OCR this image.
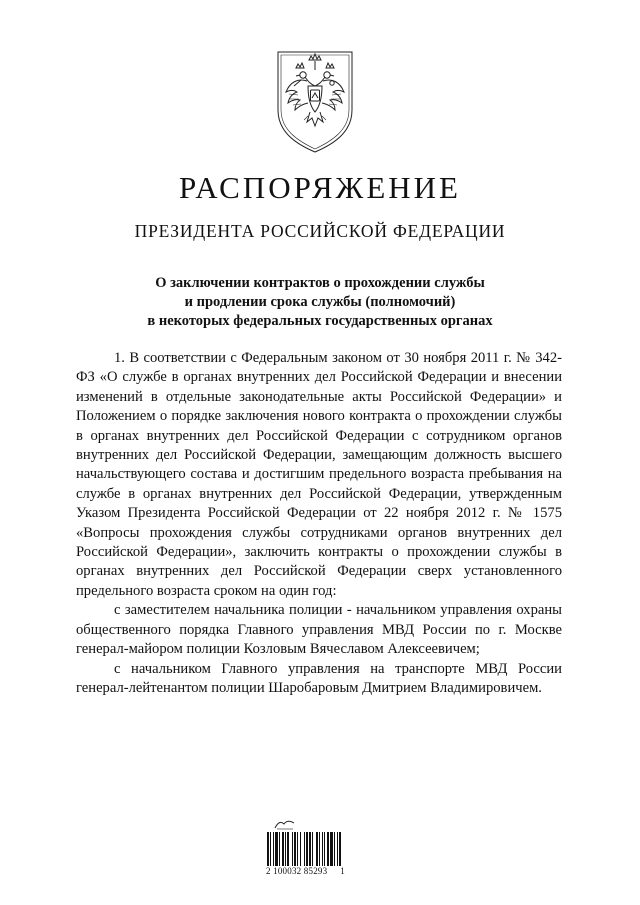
РАСПОРЯЖЕНИЕ
ПРЕЗИДЕНТА РОССИЙСКОЙ ФЕДЕРАЦИИ
О заключении контрактов о прохождении службы
и продлении срока службы (полномочий)
в некоторых федеральных государственных органах

1. В соответствии с Федеральным законом от 30 ноября 2011 г. № 342-ФЗ «О службе в органах внутренних дел Российской Федерации и внесении изменений в отдельные законодательные акты Российской Федерации» и Положением о порядке заключения нового контракта о прохождении службы в органах внутренних дел Российской Федерации с сотрудником органов внутренних дел Российской Федерации, замещающим должность высшего начальствующего состава и достигшим предельного возраста пребывания на службе в органах внутренних дел Российской Федерации, утвержденным Указом Президента Российской Федерации от 22 ноября 2012 г. № 1575 «Вопросы прохождения службы сотрудниками органов внутренних дел Российской Федерации», заключить контракты о прохождении службы в органах внутренних дел Российской Федерации сверх установленного предельного возраста сроком на один год:

с заместителем начальника полиции - начальником управления охраны общественного порядка Главного управления МВД России по г. Москве генерал-майором полиции Козловым Вячеславом Алексеевичем;

с начальником Главного управления на транспорте МВД России генерал-лейтенантом полиции Шаробаровым Дмитрием Владимировичем.

2 100032 85293 1
